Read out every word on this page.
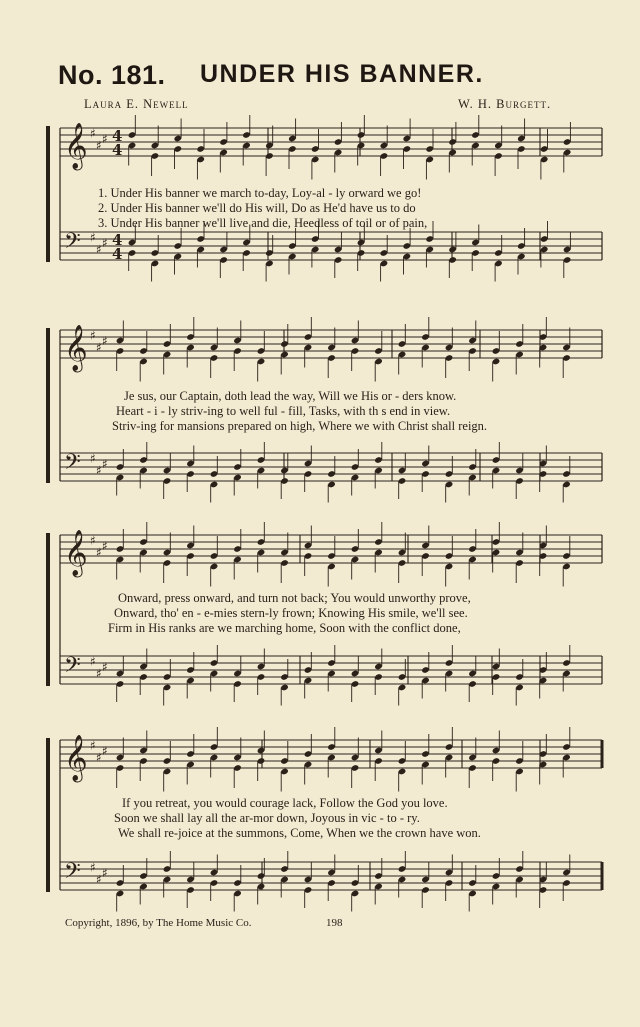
No. 181. UNDER HIS BANNER.
Laura E. Newell	W. H. Burgett.
𝄞 ♯
♯ ♯ 4
4
𝄢 ♯
♯ ♯ 4
4
𝄞 ♯
♯ ♯
𝄢 ♯
♯ ♯
𝄞 ♯
♯ ♯
𝄢 ♯
♯ ♯
𝄞 ♯
♯ ♯
𝄢 ♯
♯ ♯
1. Under His banner we march to-day, Loy-al - ly orward we go!
2. Under His banner we'll do His will, Do as He'd have us to do
3. Under His banner we'll live and die, Heedless of toil or of pain,
Je sus, our Captain, doth lead the way, Will we His or - ders know.
Heart - i - ly striv-ing to well ful - fill, Tasks, with th s end in view.
Striv-ing for mansions prepared on high, Where we with Christ shall reign.
Onward, press onward, and turn not back; You would unworthy prove,
Onward, tho' en - e-mies stern-ly frown; Knowing His smile, we'll see.
Firm in His ranks are we marching home, Soon with the conflict done,
If you retreat, you would courage lack, Follow the God you love.
Soon we shall lay all the ar-mor down, Joyous in vic - to - ry.
We shall re-joice at the summons, Come, When we the crown have won.
Copyright, 1896, by The Home Music Co.	198
